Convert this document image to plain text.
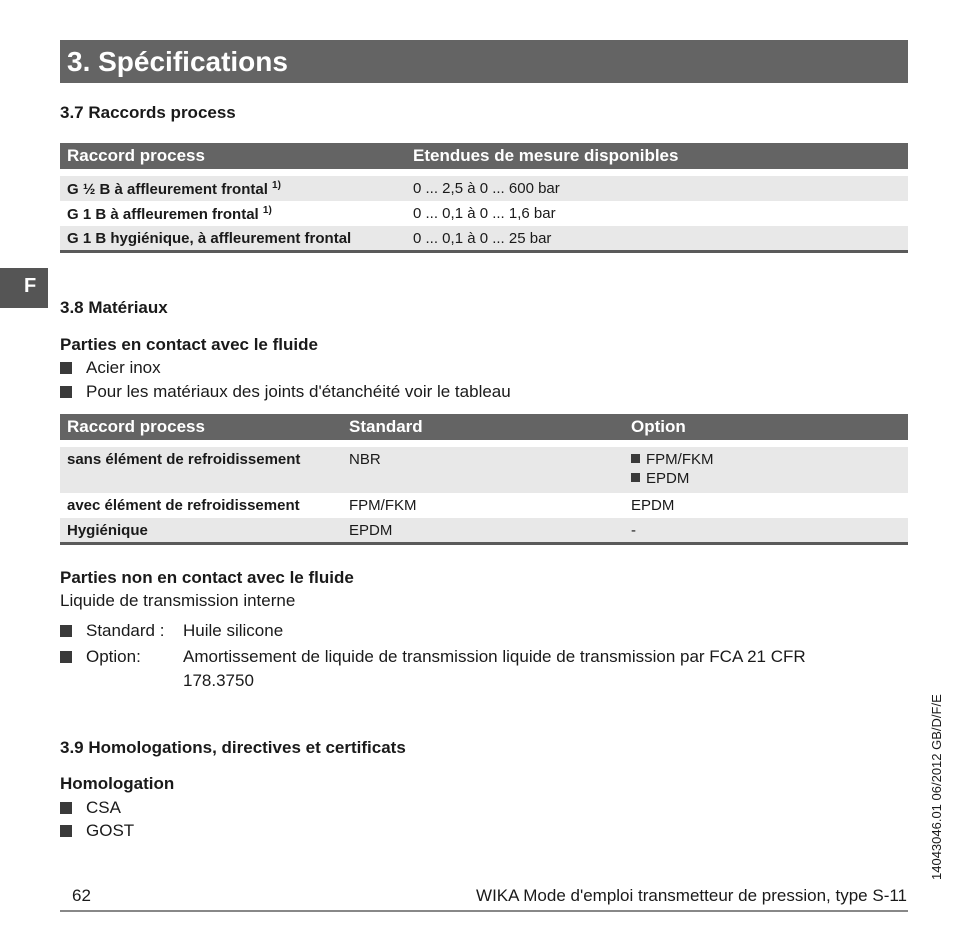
3. Spécifications
F
3.7 Raccords process
Raccord process	Etendues de mesure disponibles

G ½ B à affleurement frontal $^{1)}$	0 ... 2,5 à 0 ... 600 bar
G 1 B à affleuremen frontal $^{1)}$	0 ... 0,1 à 0 ... 1,6 bar
G 1 B hygiénique, à affleurement frontal	0 ... 0,1 à 0 ... 25 bar
3.8 Matériaux
Parties en contact avec le fluide
Acier inox
Pour les matériaux des joints d'étanchéité voir le tableau
Raccord process	Standard	Option

sans élément de refroidissement	NBR	FPM/FKM
EPDM

avec élément de refroidissement	FPM/FKM	EPDM
Hygiénique	EPDM	-
Parties non en contact avec le fluide
Liquide de transmission interne
Standard : Huile silicone
Option: Amortissement de liquide de transmission liquide de transmission par FCA 21 CFR
178.3750
3.9 Homologations, directives et certificats
Homologation
CSA
GOST
62	WIKA Mode d'emploi transmetteur de pression, type S-11
14043046.01 06/2012 GB/D/F/E
